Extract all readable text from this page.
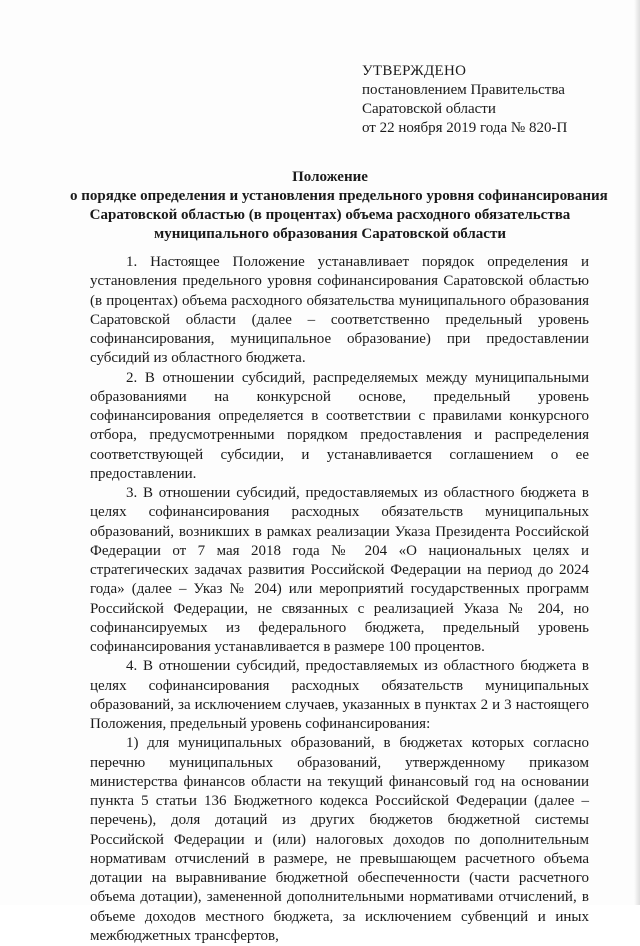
УТВЕРЖДЕНО
постановлением Правительства
Саратовской области
от 22 ноября 2019 года № 820-П
Положение
о порядке определения и установления предельного уровня софинансирования
Саратовской областью (в процентах) объема расходного обязательства
муниципального образования Саратовской области

1. Настоящее Положение устанавливает порядок определения и установления предельного уровня софинансирования Саратовской областью (в процентах) объема расходного обязательства муниципального образования Саратовской области (далее – соответственно предельный уровень софинансирования, муниципальное образование) при предоставлении субсидий из областного бюджета.

2. В отношении субсидий, распределяемых между муниципальными образованиями на конкурсной основе, предельный уровень софинансирования определяется в соответствии с правилами конкурсного отбора, предусмотренными порядком предоставления и распределения соответствующей субсидии, и устанавливается соглашением о ее предоставлении.

3. В отношении субсидий, предоставляемых из областного бюджета в целях софинансирования расходных обязательств муниципальных образований, возникших в рамках реализации Указа Президента Российской Федерации от 7 мая 2018 года № 204 «О национальных целях и стратегических задачах развития Российской Федерации на период до 2024 года» (далее – Указ № 204) или мероприятий государственных программ Российской Федерации, не связанных с реализацией Указа № 204, но софинансируемых из федерального бюджета, предельный уровень софинансирования устанавливается в размере 100 процентов.

4. В отношении субсидий, предоставляемых из областного бюджета в целях софинансирования расходных обязательств муниципальных образований, за исключением случаев, указанных в пунктах 2 и 3 настоящего Положения, предельный уровень софинансирования:

1) для муниципальных образований, в бюджетах которых согласно перечню муниципальных образований, утвержденному приказом министерства финансов области на текущий финансовый год на основании пункта 5 статьи 136 Бюджетного кодекса Российской Федерации (далее – перечень), доля дотаций из других бюджетов бюджетной системы Российской Федерации и (или) налоговых доходов по дополнительным нормативам отчислений в размере, не превышающем расчетного объема дотации на выравнивание бюджетной обеспеченности (части расчетного объема дотации), замененной дополнительными нормативами отчислений, в объеме доходов местного бюджета, за исключением субвенций и иных межбюджетных трансфертов,
